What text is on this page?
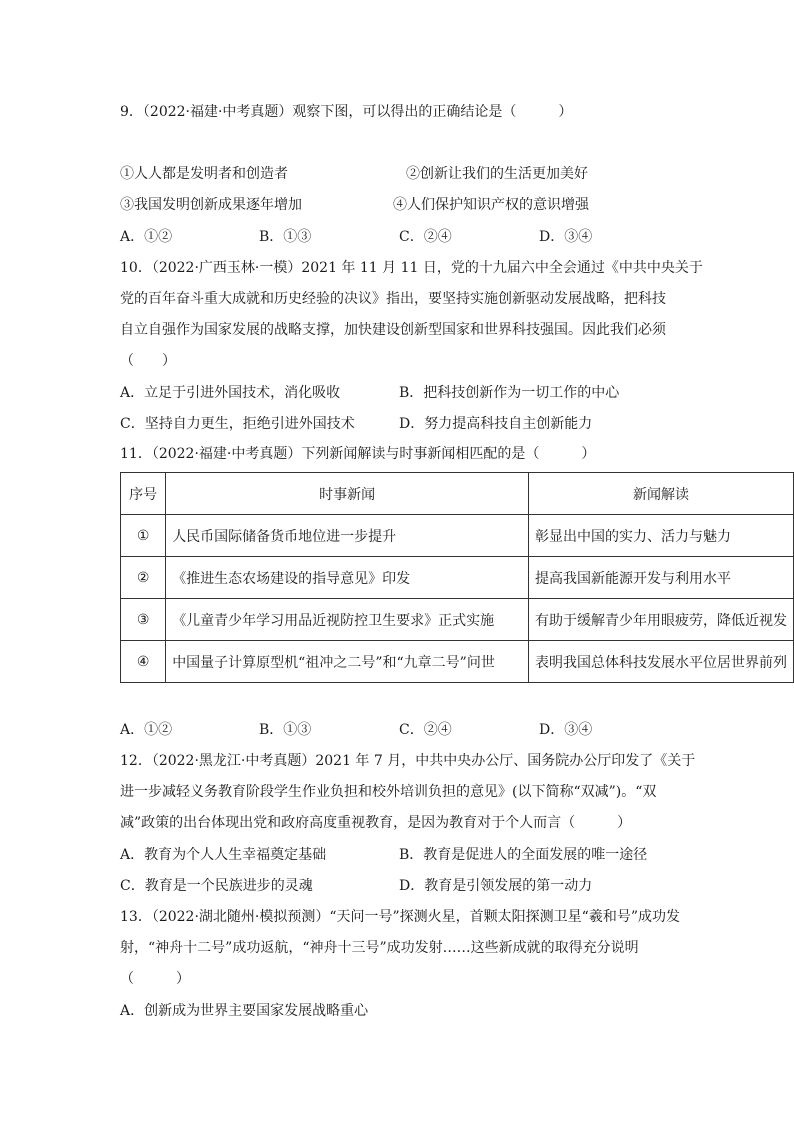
9．（2022·福建·中考真题）观察下图，可以得出的正确结论是（　　　）
①人人都是发明者和创造者	②创新让我们的生活更加美好
③我国发明创新成果逐年增加	④人们保护知识产权的意识增强
A．①②	B．①③	C．②④	D．③④
10．（2022·广西玉林·一模）2021 年 11 月 11 日，党的十九届六中全会通过《中共中央关于
党的百年奋斗重大成就和历史经验的决议》指出，要坚持实施创新驱动发展战略，把科技
自立自强作为国家发展的战略支撑，加快建设创新型国家和世界科技强国。因此我们必须
（　　）
A．立足于引进外国技术，消化吸收	B．把科技创新作为一切工作的中心
C．坚持自力更生，拒绝引进外国技术	D．努力提高科技自主创新能力
11．（2022·福建·中考真题）下列新闻解读与时事新闻相匹配的是（　　　）
序号	时事新闻	新闻解读
①	人民币国际储备货币地位进一步提升	彰显出中国的实力、活力与魅力
②	《推进生态农场建设的指导意见》印发	提高我国新能源开发与利用水平
③	《儿童青少年学习用品近视防控卫生要求》正式实施	有助于缓解青少年用眼疲劳，降低近视发
④	中国量子计算原型机“祖冲之二号”和“九章二号”问世	表明我国总体科技发展水平位居世界前列
A．①②	B．①③	C．②④	D．③④
12．（2022·黑龙江·中考真题）2021 年 7 月，中共中央办公厅、国务院办公厅印发了《关于
进一步减轻义务教育阶段学生作业负担和校外培训负担的意见》(以下简称“双减”)。“双
减”政策的出台体现出党和政府高度重视教育，是因为教育对于个人而言（　　　）
A．教育为个人人生幸福奠定基础	B．教育是促进人的全面发展的唯一途径
C．教育是一个民族进步的灵魂	D．教育是引领发展的第一动力
13．（2022·湖北随州·模拟预测）“天问一号”探测火星，首颗太阳探测卫星“羲和号”成功发
射，“神舟十二号”成功返航，“神舟十三号”成功发射……这些新成就的取得充分说明
（　　　）
A．创新成为世界主要国家发展战略重心
